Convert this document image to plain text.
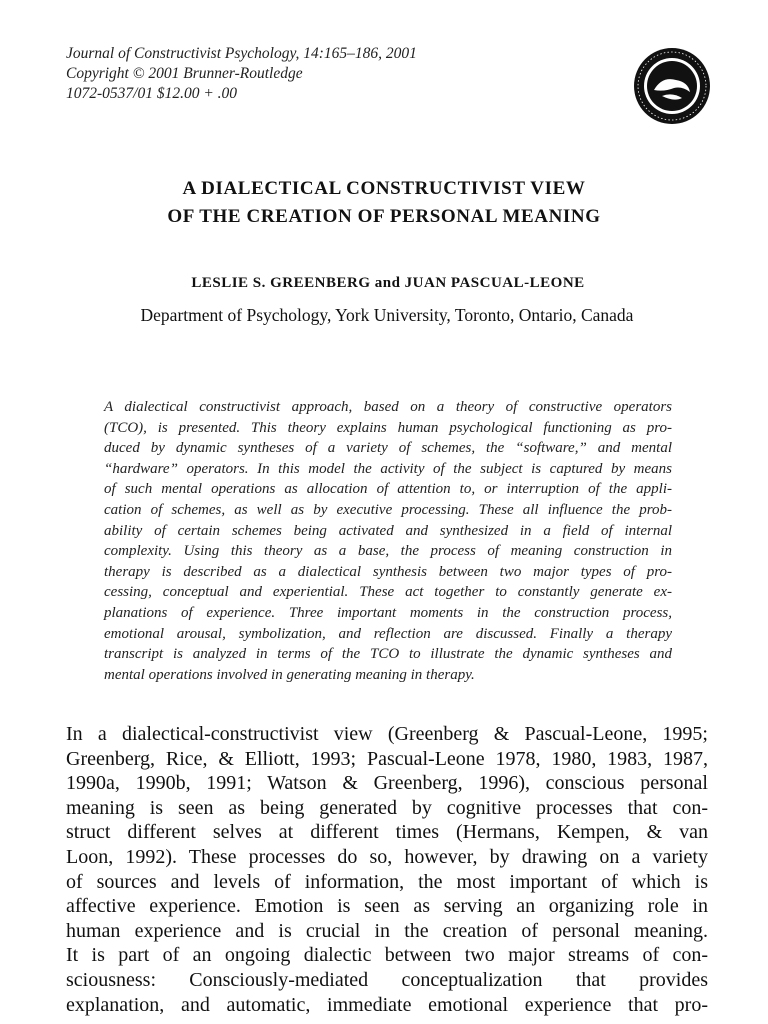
Journal of Constructivist Psychology, 14:165–186, 2001
Copyright © 2001 Brunner-Routledge
1072-0537/01 $12.00 + .00
A DIALECTICAL CONSTRUCTIVIST VIEW
OF THE CREATION OF PERSONAL MEANING
LESLIE S. GREENBERG and JUAN PASCUAL-LEONE
Department of Psychology, York University, Toronto, Ontario, Canada
A dialectical constructivist approach, based on a theory of constructive operators
(TCO), is presented. This theory explains human psychological functioning as pro-
duced by dynamic syntheses of a variety of schemes, the “software,” and mental
“hardware” operators. In this model the activity of the subject is captured by means
of such mental operations as allocation of attention to, or interruption of the appli-
cation of schemes, as well as by executive processing. These all influence the prob-
ability of certain schemes being activated and synthesized in a field of internal
complexity. Using this theory as a base, the process of meaning construction in
therapy is described as a dialectical synthesis between two major types of pro-
cessing, conceptual and experiential. These act together to constantly generate ex-
planations of experience. Three important moments in the construction process,
emotional arousal, symbolization, and reflection are discussed. Finally a therapy
transcript is analyzed in terms of the TCO to illustrate the dynamic syntheses and
mental operations involved in generating meaning in therapy.
In a dialectical-constructivist view (Greenberg & Pascual-Leone, 1995;
Greenberg, Rice, & Elliott, 1993; Pascual-Leone 1978, 1980, 1983, 1987,
1990a, 1990b, 1991; Watson & Greenberg, 1996), conscious personal
meaning is seen as being generated by cognitive processes that con-
struct different selves at different times (Hermans, Kempen, & van
Loon, 1992). These processes do so, however, by drawing on a variety
of sources and levels of information, the most important of which is
affective experience. Emotion is seen as serving an organizing role in
human experience and is crucial in the creation of personal meaning.
It is part of an ongoing dialectic between two major streams of con-
sciousness: Consciously-mediated conceptualization that provides
explanation, and automatic, immediate emotional experience that pro-
